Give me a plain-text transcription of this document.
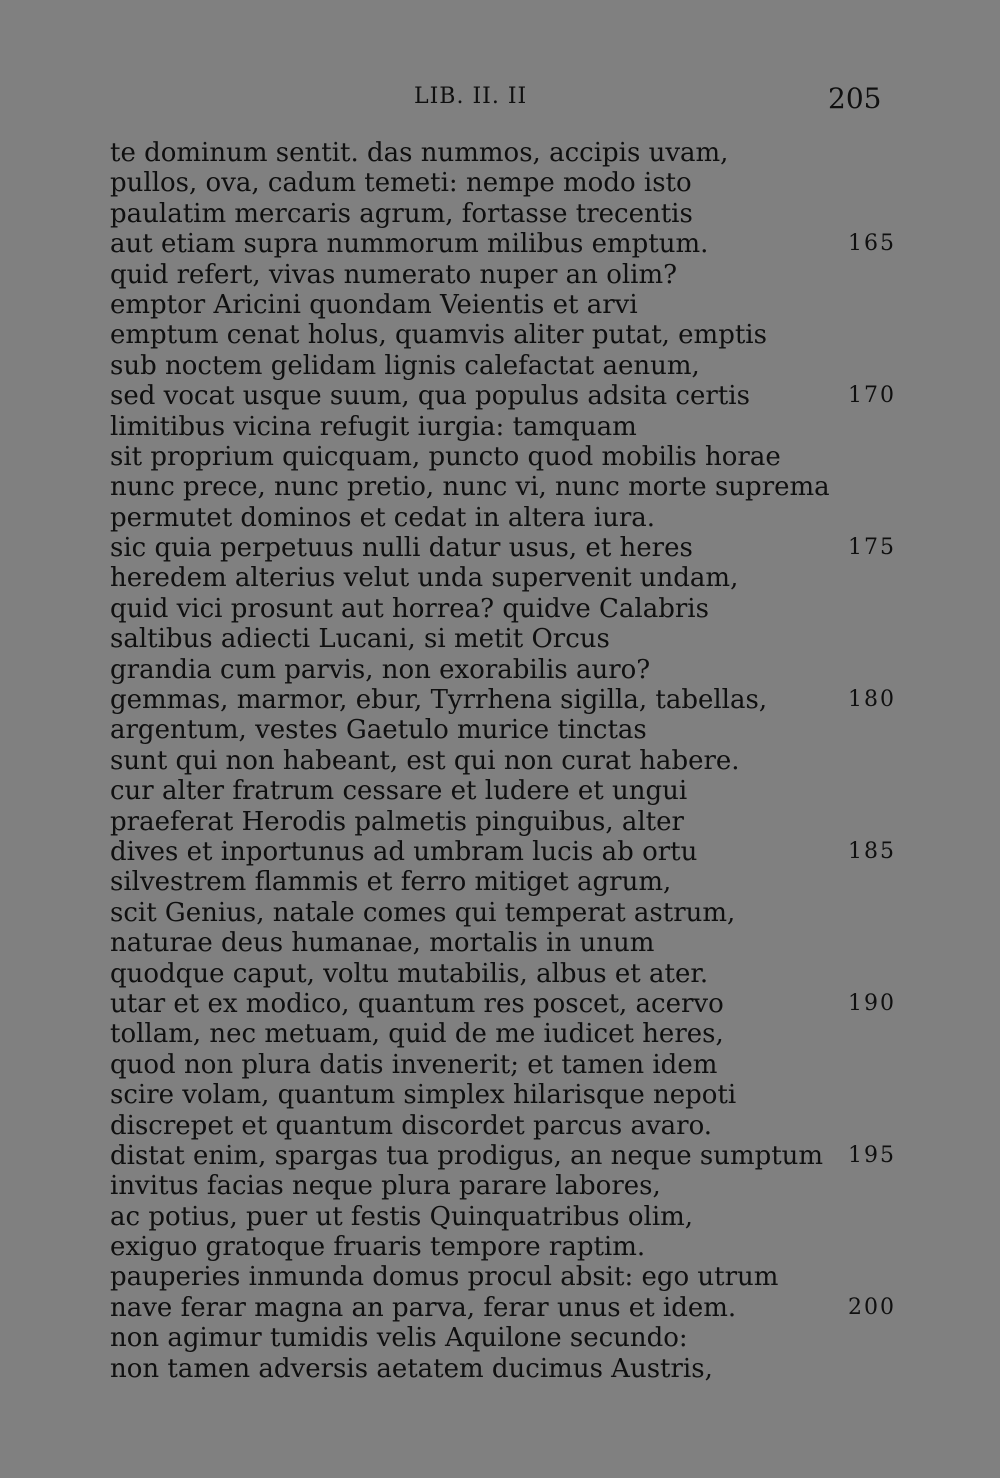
LIB. II. II	205
te dominum sentit. das nummos, accipis uvam,
pullos, ova, cadum temeti: nempe modo isto
paulatim mercaris agrum, fortasse trecentis
aut etiam supra nummorum milibus emptum.	165
quid refert, vivas numerato nuper an olim?
emptor Aricini quondam Veientis et arvi
emptum cenat holus, quamvis aliter putat, emptis
sub noctem gelidam lignis calefactat aenum,
sed vocat usque suum, qua populus adsita certis	170
limitibus vicina refugit iurgia: tamquam
sit proprium quicquam, puncto quod mobilis horae
nunc prece, nunc pretio, nunc vi, nunc morte suprema
permutet dominos et cedat in altera iura.
sic quia perpetuus nulli datur usus, et heres	175
heredem alterius velut unda supervenit undam,
quid vici prosunt aut horrea? quidve Calabris
saltibus adiecti Lucani, si metit Orcus
grandia cum parvis, non exorabilis auro?
gemmas, marmor, ebur, Tyrrhena sigilla, tabellas,	180
argentum, vestes Gaetulo murice tinctas
sunt qui non habeant, est qui non curat habere.
cur alter fratrum cessare et ludere et ungui
praeferat Herodis palmetis pinguibus, alter
dives et inportunus ad umbram lucis ab ortu	185
silvestrem flammis et ferro mitiget agrum,
scit Genius, natale comes qui temperat astrum,
naturae deus humanae, mortalis in unum
quodque caput, voltu mutabilis, albus et ater.
utar et ex modico, quantum res poscet, acervo	190
tollam, nec metuam, quid de me iudicet heres,
quod non plura datis invenerit; et tamen idem
scire volam, quantum simplex hilarisque nepoti
discrepet et quantum discordet parcus avaro.
distat enim, spargas tua prodigus, an neque sumptum 195
invitus facias neque plura parare labores,
ac potius, puer ut festis Quinquatribus olim,
exiguo gratoque fruaris tempore raptim.
pauperies inmunda domus procul absit: ego utrum
nave ferar magna an parva, ferar unus et idem.	200
non agimur tumidis velis Aquilone secundo:
non tamen adversis aetatem ducimus Austris,
